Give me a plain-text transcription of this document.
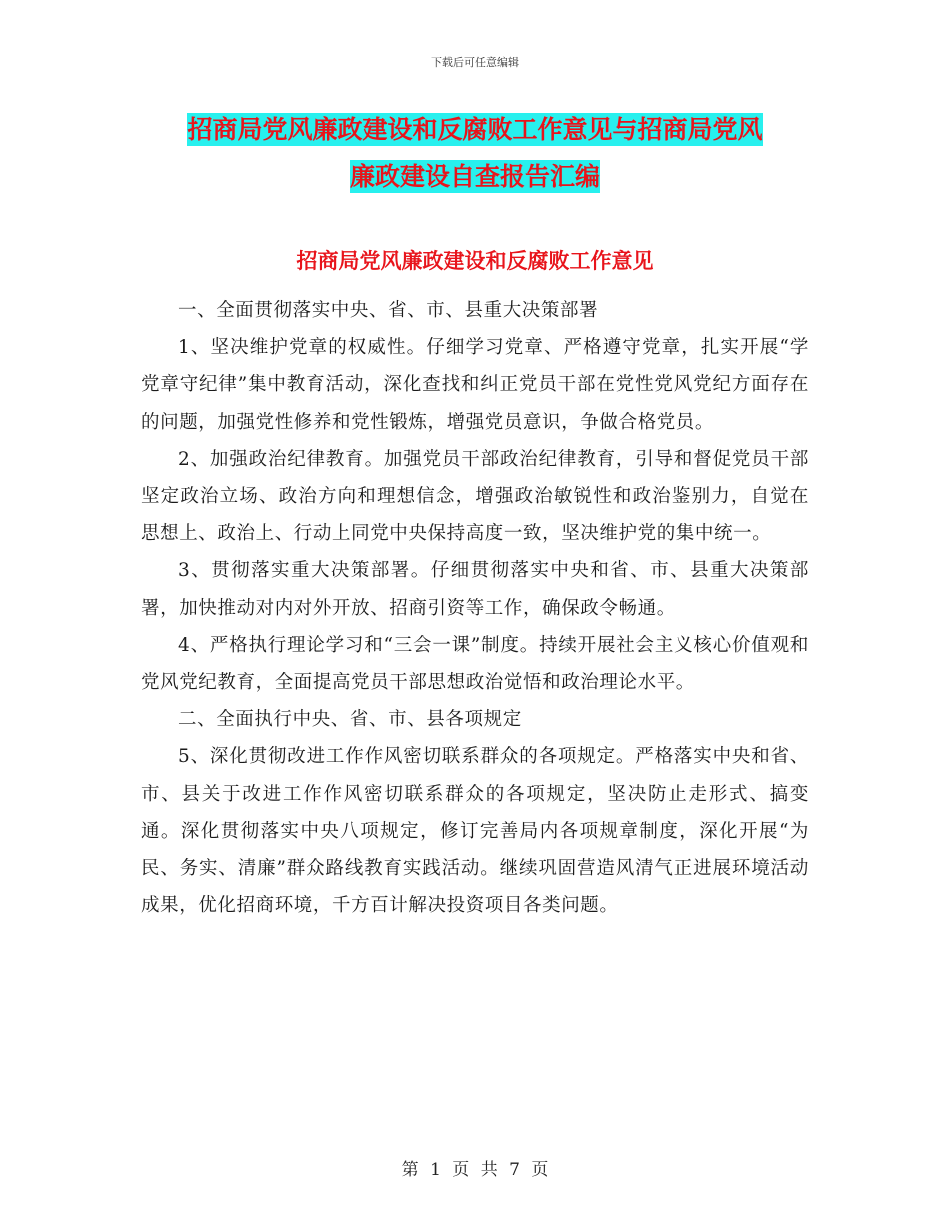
下载后可任意编辑
招商局党风廉政建设和反腐败工作意见与招商局党风
廉政建设自查报告汇编
招商局党风廉政建设和反腐败工作意见

一、全面贯彻落实中央、省、市、县重大决策部署

1、坚决维护党章的权威性。仔细学习党章、严格遵守党章，扎实开展“学党章守纪律”集中教育活动，深化查找和纠正党员干部在党性党风党纪方面存在的问题，加强党性修养和党性锻炼，增强党员意识，争做合格党员。

2、加强政治纪律教育。加强党员干部政治纪律教育，引导和督促党员干部坚定政治立场、政治方向和理想信念，增强政治敏锐性和政治鉴别力，自觉在思想上、政治上、行动上同党中央保持高度一致，坚决维护党的集中统一。

3、贯彻落实重大决策部署。仔细贯彻落实中央和省、市、县重大决策部署，加快推动对内对外开放、招商引资等工作，确保政令畅通。

4、严格执行理论学习和“三会一课”制度。持续开展社会主义核心价值观和党风党纪教育，全面提高党员干部思想政治觉悟和政治理论水平。

二、全面执行中央、省、市、县各项规定

5、深化贯彻改进工作作风密切联系群众的各项规定。严格落实中央和省、市、县关于改进工作作风密切联系群众的各项规定，坚决防止走形式、搞变通。深化贯彻落实中央八项规定，修订完善局内各项规章制度，深化开展“为民、务实、清廉”群众路线教育实践活动。继续巩固营造风清气正进展环境活动成果，优化招商环境，千方百计解决投资项目各类问题。

第 1 页 共 7 页
